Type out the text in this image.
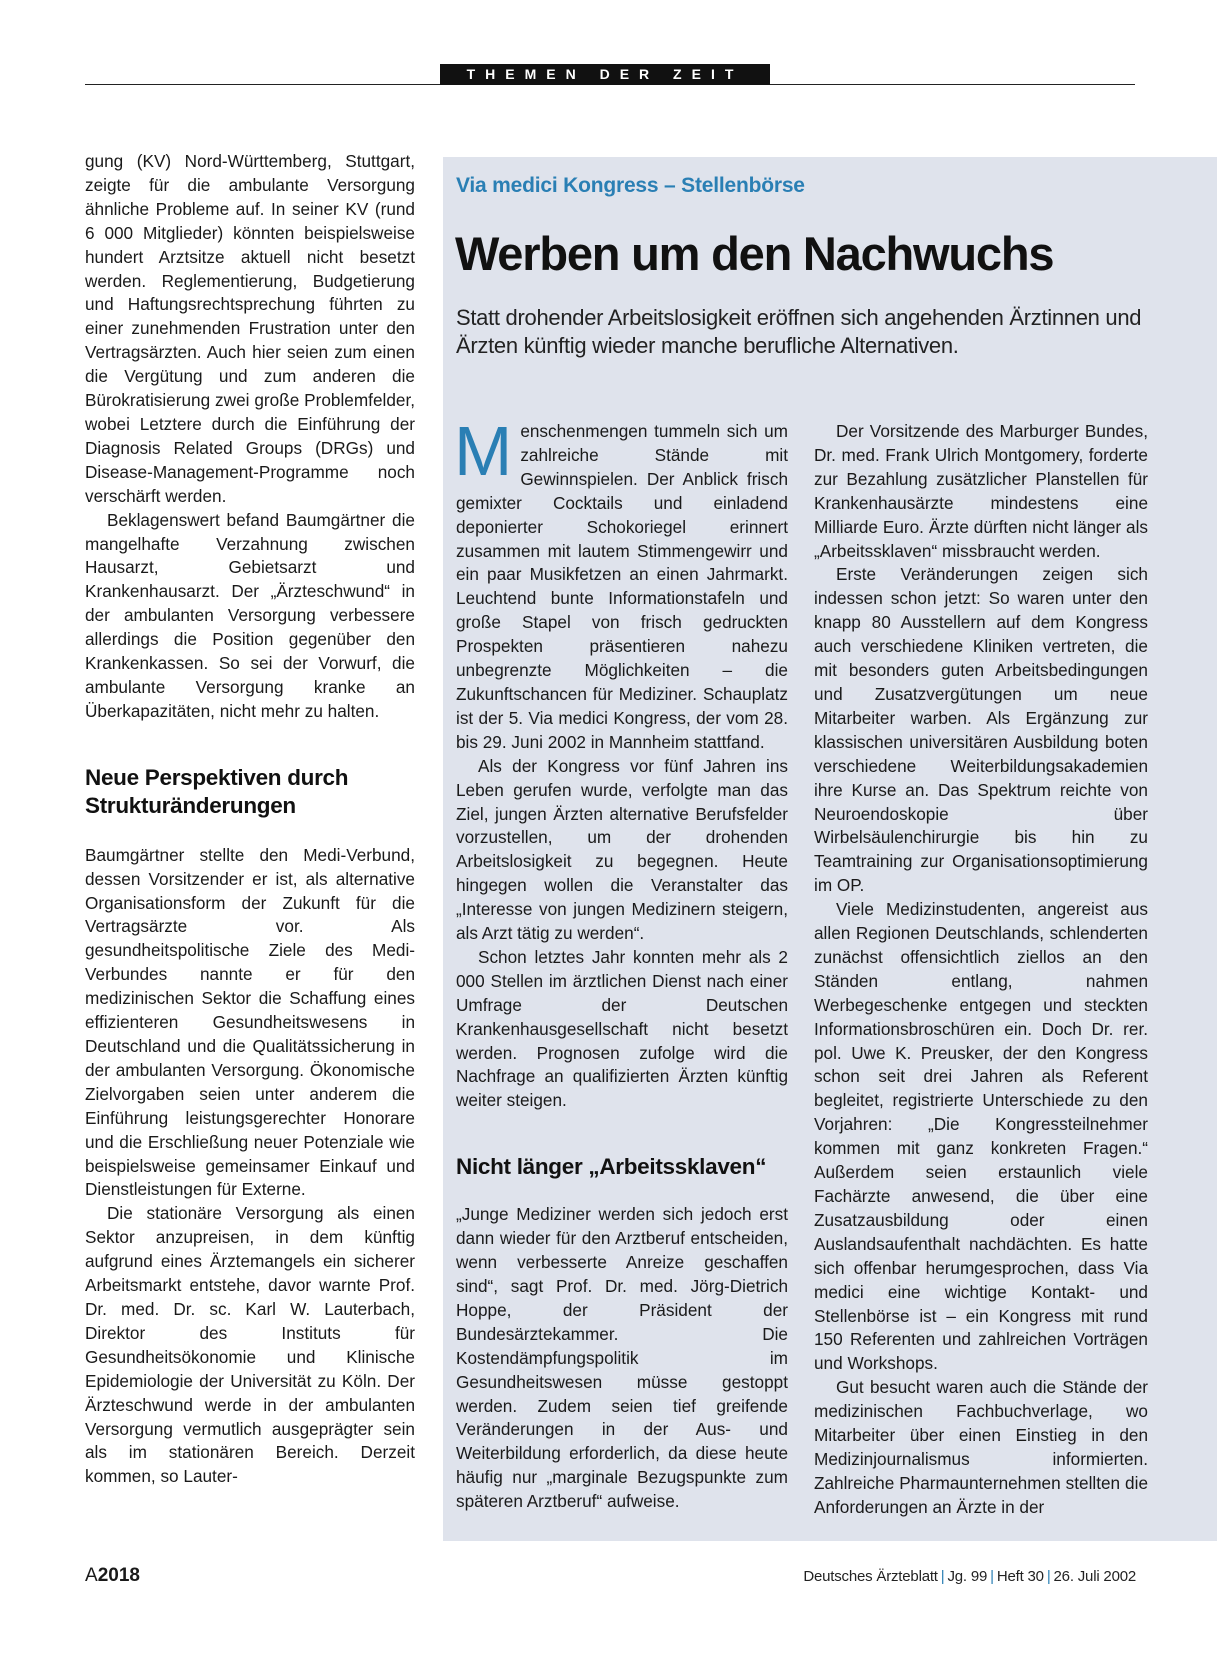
THEMEN DER ZEIT

gung (KV) Nord-Württemberg, Stuttgart, zeigte für die ambulante Versorgung ähnliche Probleme auf. In seiner KV (rund 6 000 Mitglieder) könnten beispielsweise hundert Arztsitze aktuell nicht besetzt werden. Reglementierung, Budgetierung und Haftungsrechtsprechung führten zu einer zunehmenden Frustration unter den Vertragsärzten. Auch hier seien zum einen die Vergütung und zum anderen die Bürokratisierung zwei große Problemfelder, wobei Letztere durch die Einführung der Diagnosis Related Groups (DRGs) und Disease-Management-Programme noch verschärft werden.

Beklagenswert befand Baumgärtner die mangelhafte Verzahnung zwischen Hausarzt, Gebietsarzt und Krankenhausarzt. Der „Ärzteschwund“ in der ambulanten Versorgung verbessere allerdings die Position gegenüber den Krankenkassen. So sei der Vorwurf, die ambulante Versorgung kranke an Überkapazitäten, nicht mehr zu halten.

Neue Perspektiven durch Strukturänderungen

Baumgärtner stellte den Medi-Verbund, dessen Vorsitzender er ist, als alternative Organisationsform der Zukunft für die Vertragsärzte vor. Als gesundheitspolitische Ziele des Medi-Verbundes nannte er für den medizinischen Sektor die Schaffung eines effizienteren Gesundheitswesens in Deutschland und die Qualitätssicherung in der ambulanten Versorgung. Ökonomische Zielvorgaben seien unter anderem die Einführung leistungsgerechter Honorare und die Erschließung neuer Potenziale wie beispielsweise gemeinsamer Einkauf und Dienstleistungen für Externe.

Die stationäre Versorgung als einen Sektor anzupreisen, in dem künftig aufgrund eines Ärztemangels ein sicherer Arbeitsmarkt entstehe, davor warnte Prof. Dr. med. Dr. sc. Karl W. Lauterbach, Direktor des Instituts für Gesundheitsökonomie und Klinische Epidemiologie der Universität zu Köln. Der Ärzteschwund werde in der ambulanten Versorgung vermutlich ausgeprägter sein als im stationären Bereich. Derzeit kommen, so Lauter-

Via medici Kongress – Stellenbörse
Werben um den Nachwuchs

Statt drohender Arbeitslosigkeit eröffnen sich angehenden Ärztinnen und Ärzten künftig wieder manche berufliche Alternativen.

Menschenmengen tummeln sich um zahlreiche Stände mit Gewinnspielen. Der Anblick frisch gemixter Cocktails und einladend deponierter Schokoriegel erinnert zusammen mit lautem Stimmengewirr und ein paar Musikfetzen an einen Jahrmarkt. Leuchtend bunte Informationstafeln und große Stapel von frisch gedruckten Prospekten präsentieren nahezu unbegrenzte Möglichkeiten – die Zukunftschancen für Mediziner. Schauplatz ist der 5. Via medici Kongress, der vom 28. bis 29. Juni 2002 in Mannheim stattfand.

Als der Kongress vor fünf Jahren ins Leben gerufen wurde, verfolgte man das Ziel, jungen Ärzten alternative Berufsfelder vorzustellen, um der drohenden Arbeitslosigkeit zu begegnen. Heute hingegen wollen die Veranstalter das „Interesse von jungen Medizinern steigern, als Arzt tätig zu werden“.

Schon letztes Jahr konnten mehr als 2 000 Stellen im ärztlichen Dienst nach einer Umfrage der Deutschen Krankenhausgesellschaft nicht besetzt werden. Prognosen zufolge wird die Nachfrage an qualifizierten Ärzten künftig weiter steigen.

Nicht länger „Arbeitssklaven“

„Junge Mediziner werden sich jedoch erst dann wieder für den Arztberuf entscheiden, wenn verbesserte Anreize geschaffen sind“, sagt Prof. Dr. med. Jörg-Dietrich Hoppe, der Präsident der Bundesärztekammer. Die Kostendämpfungspolitik im Gesundheitswesen müsse gestoppt werden. Zudem seien tief greifende Veränderungen in der Aus- und Weiterbildung erforderlich, da diese heute häufig nur „marginale Bezugspunkte zum späteren Arztberuf“ aufweise.

Der Vorsitzende des Marburger Bundes, Dr. med. Frank Ulrich Montgomery, forderte zur Bezahlung zusätzlicher Planstellen für Krankenhausärzte mindestens eine Milliarde Euro. Ärzte dürften nicht länger als „Arbeitssklaven“ missbraucht werden.

Erste Veränderungen zeigen sich indessen schon jetzt: So waren unter den knapp 80 Ausstellern auf dem Kongress auch verschiedene Kliniken vertreten, die mit besonders guten Arbeitsbedingungen und Zusatzvergütungen um neue Mitarbeiter warben. Als Ergänzung zur klassischen universitären Ausbildung boten verschiedene Weiterbildungsakademien ihre Kurse an. Das Spektrum reichte von Neuroendoskopie über Wirbelsäulenchirurgie bis hin zu Teamtraining zur Organisationsoptimierung im OP.

Viele Medizinstudenten, angereist aus allen Regionen Deutschlands, schlenderten zunächst offensichtlich ziellos an den Ständen entlang, nahmen Werbegeschenke entgegen und steckten Informationsbroschüren ein. Doch Dr. rer. pol. Uwe K. Preusker, der den Kongress schon seit drei Jahren als Referent begleitet, registrierte Unterschiede zu den Vorjahren: „Die Kongressteilnehmer kommen mit ganz konkreten Fragen.“ Außerdem seien erstaunlich viele Fachärzte anwesend, die über eine Zusatzausbildung oder einen Auslandsaufenthalt nachdächten. Es hatte sich offenbar herumgesprochen, dass Via medici eine wichtige Kontakt- und Stellenbörse ist – ein Kongress mit rund 150 Referenten und zahlreichen Vorträgen und Workshops.

Gut besucht waren auch die Stände der medizinischen Fachbuchverlage, wo Mitarbeiter über einen Einstieg in den Medizinjournalismus informierten. Zahlreiche Pharmaunternehmen stellten die Anforderungen an Ärzte in der

A2018	Deutsches Ärzteblatt | Jg. 99 | Heft 30 | 26. Juli 2002
